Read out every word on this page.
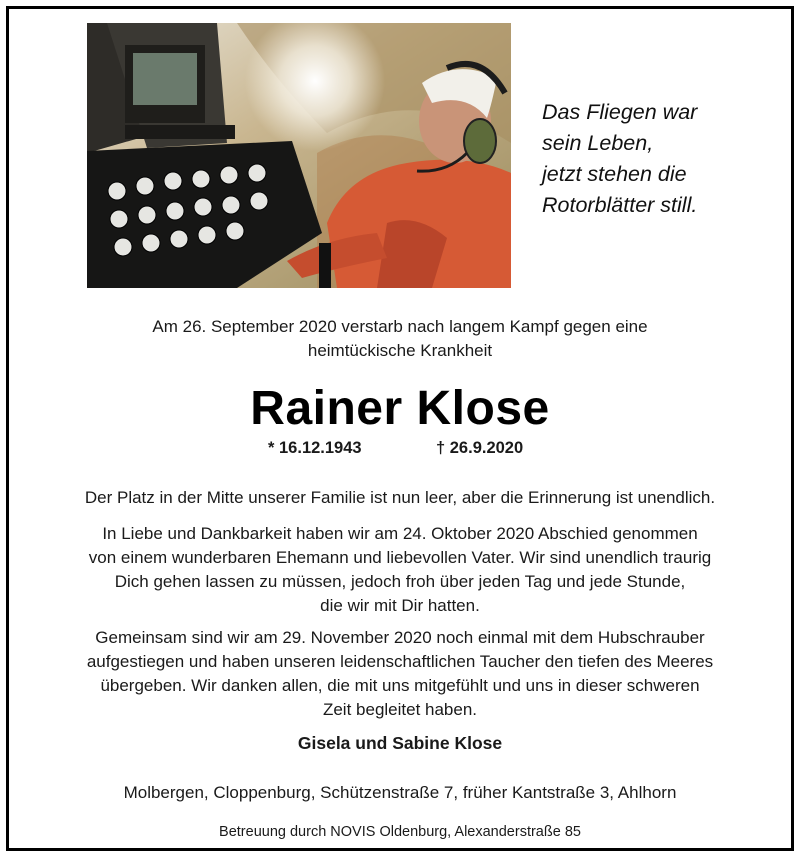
Das Fliegen war
sein Leben,
jetzt stehen die
Rotorblätter still.
Am 26. September 2020 verstarb nach langem Kampf gegen eine
heimtückische Krankheit
Rainer Klose
* 16.12.1943	† 26.9.2020
Der Platz in der Mitte unserer Familie ist nun leer, aber die Erinnerung ist unendlich.
In Liebe und Dankbarkeit haben wir am 24. Oktober 2020 Abschied genommen
von einem wunderbaren Ehemann und liebevollen Vater. Wir sind unendlich traurig
Dich gehen lassen zu müssen, jedoch froh über jeden Tag und jede Stunde,
die wir mit Dir hatten.
Gemeinsam sind wir am 29. November 2020 noch einmal mit dem Hubschrauber
aufgestiegen und haben unseren leidenschaftlichen Taucher den tiefen des Meeres
übergeben. Wir danken allen, die mit uns mitgefühlt und uns in dieser schweren
Zeit begleitet haben.
Gisela und Sabine Klose
Molbergen, Cloppenburg, Schützenstraße 7, früher Kantstraße 3, Ahlhorn
Betreuung durch NOVIS Oldenburg, Alexanderstraße 85
